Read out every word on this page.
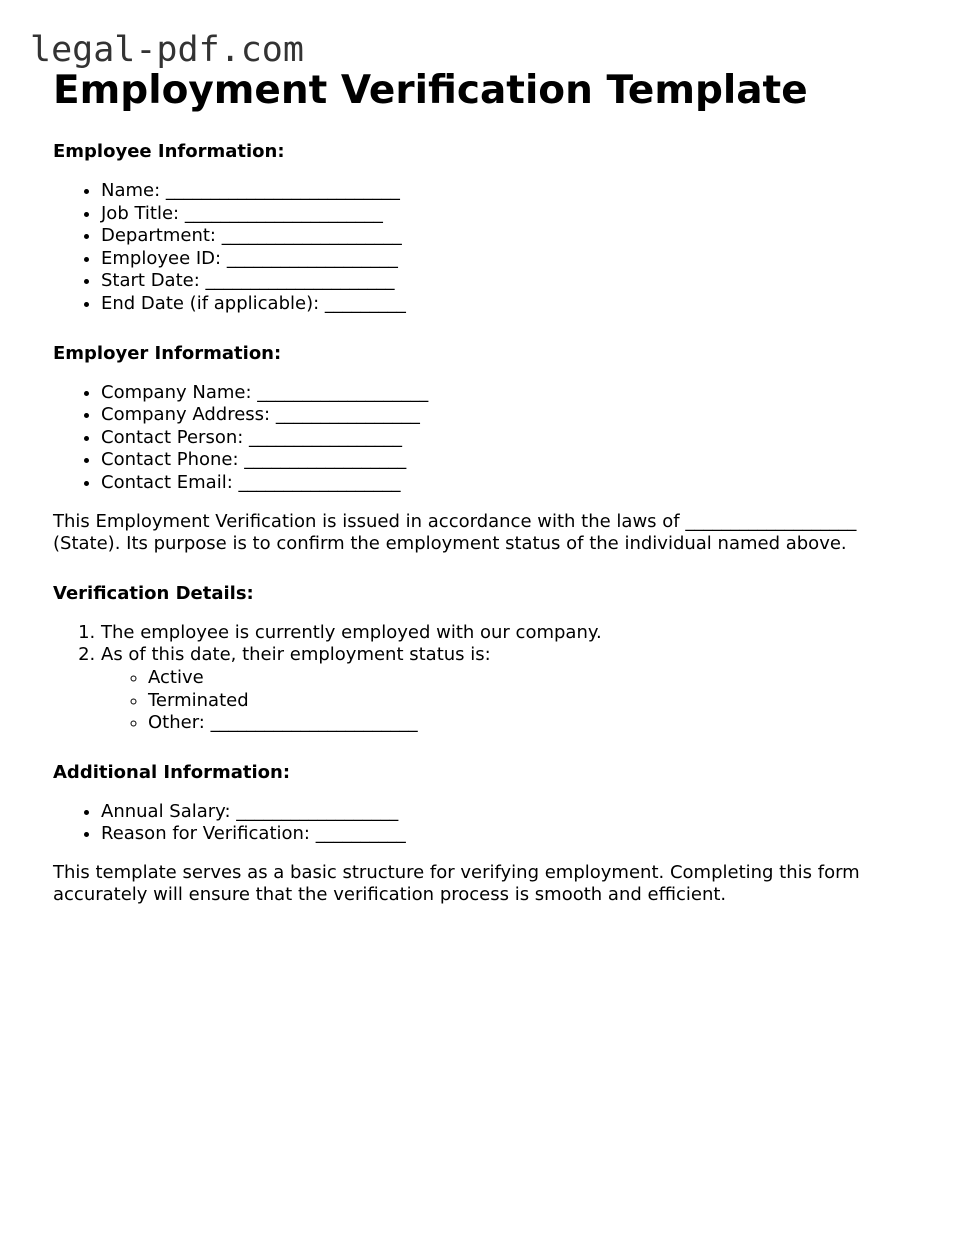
legal-pdf.com
Employment Verification Template
Employee Information:
• Name: __________________________
• Job Title: ______________________
• Department: ____________________
• Employee ID: ___________________
• Start Date: _____________________
• End Date (if applicable): _________
Employer Information:
• Company Name: ___________________
• Company Address: ________________
• Contact Person: _________________
• Contact Phone: __________________
• Contact Email: __________________

This Employment Verification is issued in accordance with the laws of ___________________
(State). Its purpose is to confirm the employment status of the individual named above.

Verification Details:
1. The employee is currently employed with our company.
2. As of this date, their employment status is:
◦ Active
◦ Terminated
◦ Other: _______________________
Additional Information:
• Annual Salary: __________________
• Reason for Verification: __________

This template serves as a basic structure for verifying employment. Completing this form
accurately will ensure that the verification process is smooth and efficient.
